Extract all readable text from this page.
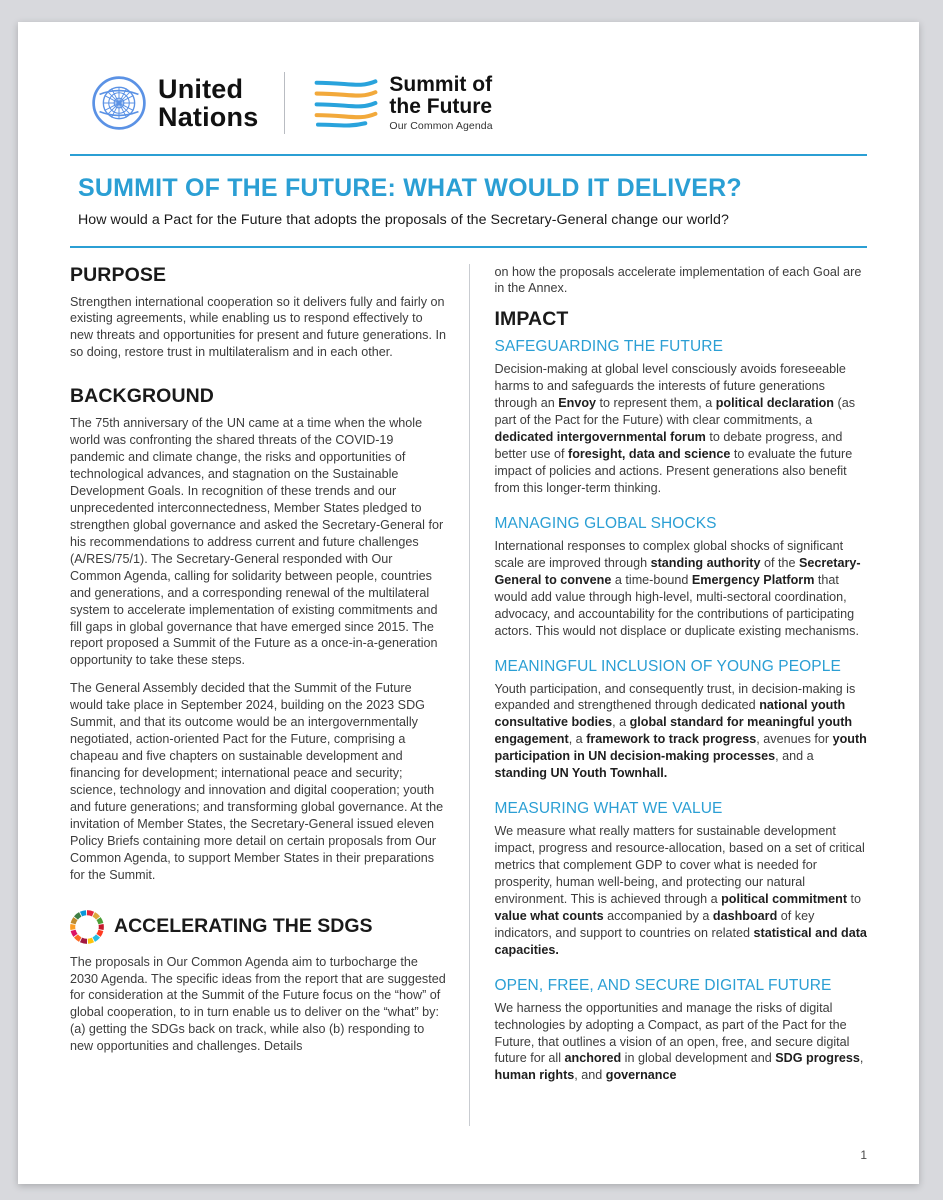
United
Nations
Summit of
the Future
Our Common Agenda
SUMMIT OF THE FUTURE: WHAT WOULD IT DELIVER?
How would a Pact for the Future that adopts the proposals of the Secretary-General change our world?
PURPOSE

Strengthen international cooperation so it delivers fully and fairly on existing agreements, while enabling us to respond effectively to new threats and opportunities for present and future generations. In so doing, restore trust in multilateralism and in each other.

BACKGROUND

The 75th anniversary of the UN came at a time when the whole world was confronting the shared threats of the COVID-19 pandemic and climate change, the risks and opportunities of technological advances, and stagnation on the Sustainable Development Goals. In recognition of these trends and our unprecedented interconnectedness, Member States pledged to strengthen global governance and asked the Secretary-General for his recommendations to address current and future challenges (A/RES/75/1). The Secretary-General responded with Our Common Agenda, calling for solidarity between people, countries and generations, and a corresponding renewal of the multilateral system to accelerate implementation of existing commitments and fill gaps in global governance that have emerged since 2015. The report proposed a Summit of the Future as a once-in-a-generation opportunity to take these steps.

The General Assembly decided that the Summit of the Future would take place in September 2024, building on the 2023 SDG Summit, and that its outcome would be an intergovernmentally negotiated, action-oriented Pact for the Future, comprising a chapeau and five chapters on sustainable development and financing for development; international peace and security; science, technology and innovation and digital cooperation; youth and future generations; and transforming global governance. At the invitation of Member States, the Secretary-General issued eleven Policy Briefs containing more detail on certain proposals from Our Common Agenda, to support Member States in their preparations for the Summit.

ACCELERATING THE SDGS

The proposals in Our Common Agenda aim to turbocharge the 2030 Agenda. The specific ideas from the report that are suggested for consideration at the Summit of the Future focus on the “how” of global cooperation, to in turn enable us to deliver on the “what” by: (a) getting the SDGs back on track, while also (b) responding to new opportunities and challenges. Details

on how the proposals accelerate implementation of each Goal are in the Annex.

IMPACT
SAFEGUARDING THE FUTURE

Decision-making at global level consciously avoids foreseeable harms to and safeguards the interests of future generations through an Envoy to represent them, a political declaration (as part of the Pact for the Future) with clear commitments, a dedicated intergovernmental forum to debate progress, and better use of foresight, data and science to evaluate the future impact of policies and actions. Present generations also benefit from this longer-term thinking.

MANAGING GLOBAL SHOCKS

International responses to complex global shocks of significant scale are improved through standing authority of the Secretary-General to convene a time-bound Emergency Platform that would add value through high-level, multi-sectoral coordination, advocacy, and accountability for the contributions of participating actors. This would not displace or duplicate existing mechanisms.

MEANINGFUL INCLUSION OF YOUNG PEOPLE

Youth participation, and consequently trust, in decision-making is expanded and strengthened through dedicated national youth consultative bodies, a global standard for meaningful youth engagement, a framework to track progress, avenues for youth participation in UN decision-making processes, and a standing UN Youth Townhall.

MEASURING WHAT WE VALUE

We measure what really matters for sustainable development impact, progress and resource-allocation, based on a set of critical metrics that complement GDP to cover what is needed for prosperity, human well-being, and protecting our natural environment. This is achieved through a political commitment to value what counts accompanied by a dashboard of key indicators, and support to countries on related statistical and data capacities.

OPEN, FREE, AND SECURE DIGITAL FUTURE

We harness the opportunities and manage the risks of digital technologies by adopting a Compact, as part of the Pact for the Future, that outlines a vision of an open, free, and secure digital future for all anchored in global development and SDG progress, human rights, and governance

1
